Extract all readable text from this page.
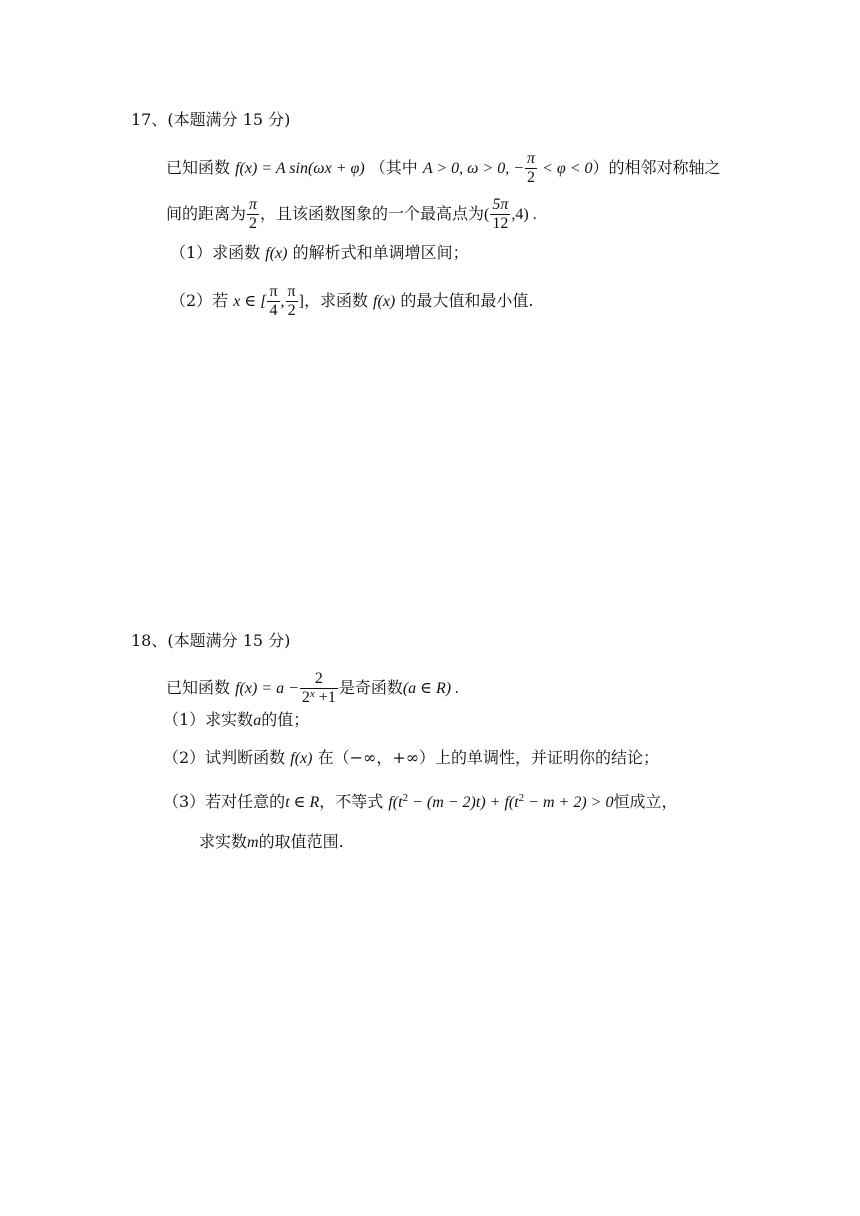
17、(本题满分 15 分)
已知函数 f(x) = A sin(ωx + φ) （其中 A > 0, ω > 0, − $\frac{\pi}{2} < \varphi < 0$）的相邻对称轴之
间的距离为 $\frac{\pi}{2}$ ，且该函数图象的一个最高点为( $\frac{5\pi}{12} ,4$) .
（1）求函数 f(x) 的解析式和单调增区间；
（2）若 x ∈ [ $\frac{\pi}{4}$ , $\frac{\pi}{2}$ ]，求函数 f(x) 的最大值和最小值.
18、(本题满分 15 分)
已知函数 $f(x) = a - \frac{2}{2^x +1}$ 是奇函数(a ∈ R) .
（1）求实数a的值；
（2）试判断函数 f(x) 在（−∞，+∞）上的单调性，并证明你的结论；
（3）若对任意的t ∈ R，不等式 $f(t^2 - (m - 2)t) + f(t^2 - m + 2) > 0$恒成立，
求实数m的取值范围.
